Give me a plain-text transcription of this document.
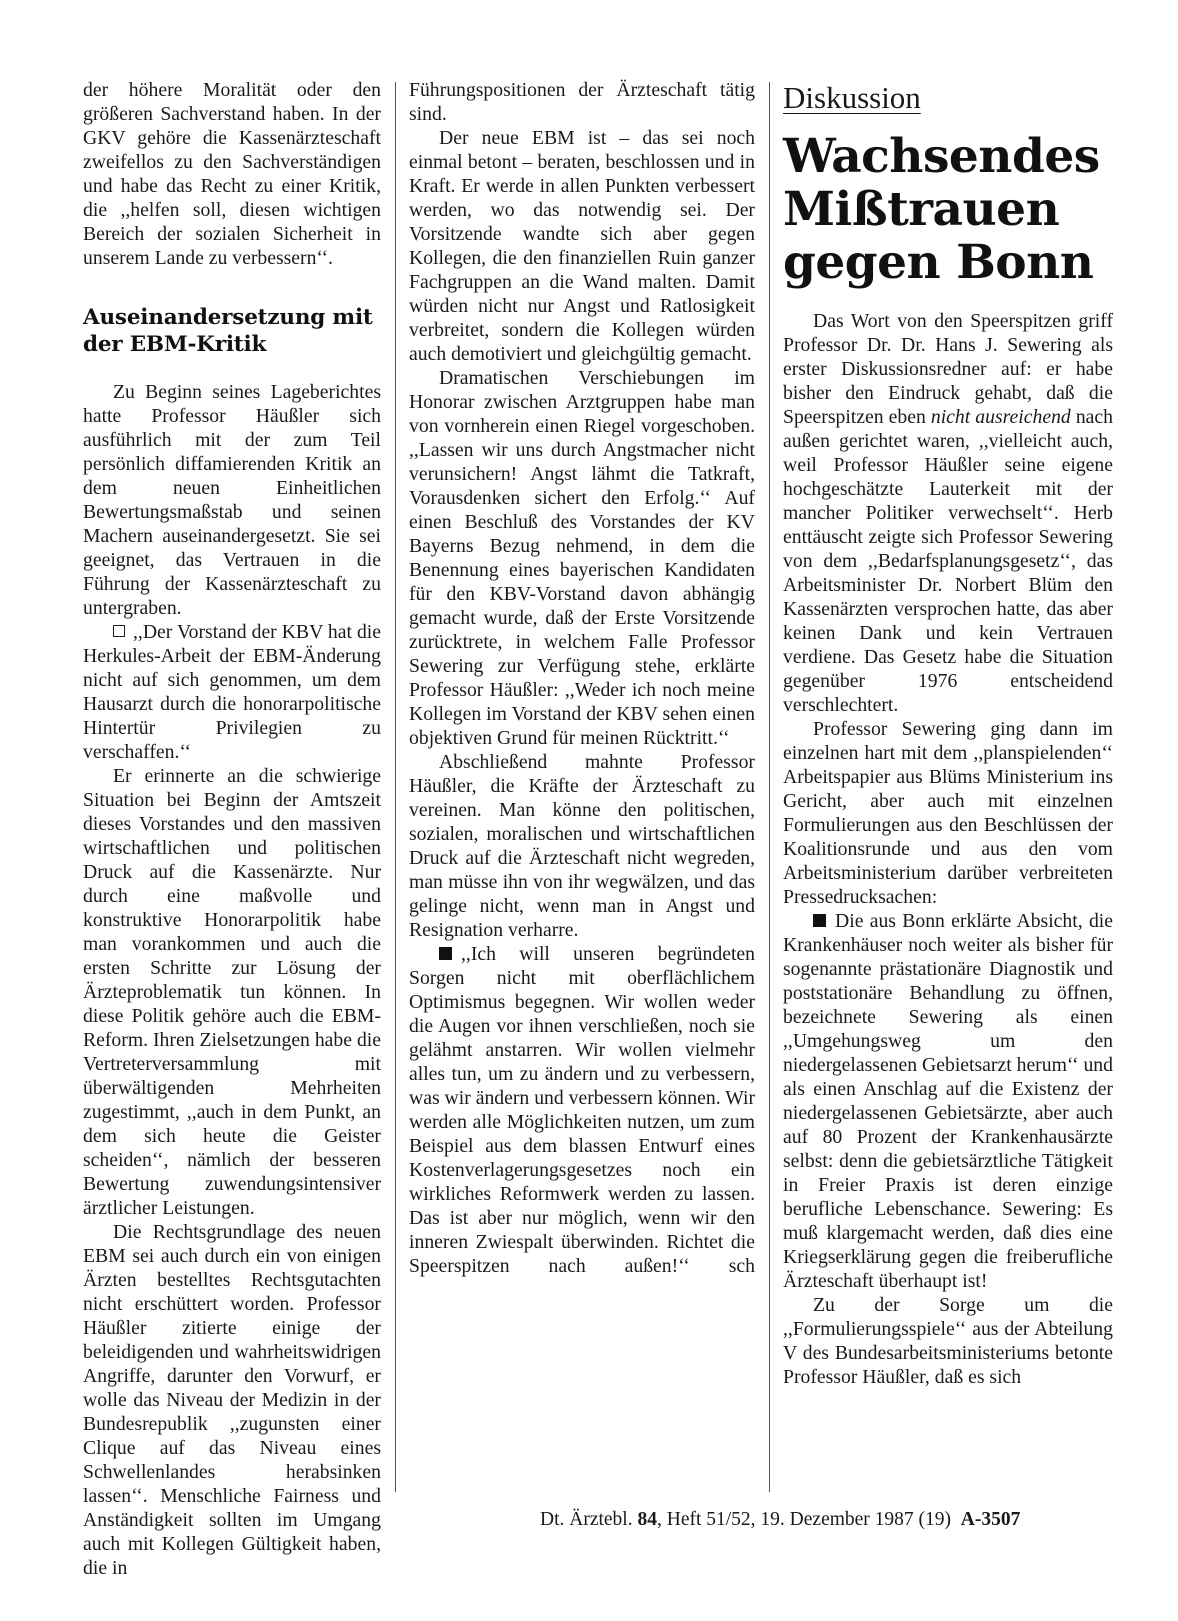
der höhere Moralität oder den größeren Sachverstand haben. In der GKV gehöre die Kassenärzteschaft zweifellos zu den Sachverständigen und habe das Recht zu einer Kritik, die ,,helfen soll, diesen wichtigen Bereich der sozialen Sicherheit in unserem Lande zu verbessern‘‘.

Auseinandersetzung mit der EBM-Kritik

Zu Beginn seines Lageberichtes hatte Professor Häußler sich ausführlich mit der zum Teil persönlich diffamierenden Kritik an dem neuen Einheitlichen Bewertungsmaßstab und seinen Machern auseinandergesetzt. Sie sei geeignet, das Vertrauen in die Führung der Kassenärzteschaft zu untergraben.

,,Der Vorstand der KBV hat die Herkules-Arbeit der EBM-Änderung nicht auf sich genommen, um dem Hausarzt durch die honorarpolitische Hintertür Privilegien zu verschaffen.‘‘

Er erinnerte an die schwierige Situation bei Beginn der Amtszeit dieses Vorstandes und den massiven wirtschaftlichen und politischen Druck auf die Kassenärzte. Nur durch eine maßvolle und konstruktive Honorarpolitik habe man vorankommen und auch die ersten Schritte zur Lösung der Ärzteproblematik tun können. In diese Politik gehöre auch die EBM-Reform. Ihren Zielsetzungen habe die Vertreterversammlung mit überwältigenden Mehrheiten zugestimmt, ,,auch in dem Punkt, an dem sich heute die Geister scheiden‘‘, nämlich der besseren Bewertung zuwendungsintensiver ärztlicher Leistungen.

Die Rechtsgrundlage des neuen EBM sei auch durch ein von einigen Ärzten bestelltes Rechtsgutachten nicht erschüttert worden. Professor Häußler zitierte einige der beleidigenden und wahrheitswidrigen Angriffe, darunter den Vorwurf, er wolle das Niveau der Medizin in der Bundesrepublik ,,zugunsten einer Clique auf das Niveau eines Schwellenlandes herabsinken lassen‘‘. Menschliche Fairness und Anständigkeit sollten im Umgang auch mit Kollegen Gültigkeit haben, die in

Führungspositionen der Ärzteschaft tätig sind.

Der neue EBM ist – das sei noch einmal betont – beraten, beschlossen und in Kraft. Er werde in allen Punkten verbessert werden, wo das notwendig sei. Der Vorsitzende wandte sich aber gegen Kollegen, die den finanziellen Ruin ganzer Fachgruppen an die Wand malten. Damit würden nicht nur Angst und Ratlosigkeit verbreitet, sondern die Kollegen würden auch demotiviert und gleichgültig gemacht.

Dramatischen Verschiebungen im Honorar zwischen Arztgruppen habe man von vornherein einen Riegel vorgeschoben. ,,Lassen wir uns durch Angstmacher nicht verunsichern! Angst lähmt die Tatkraft, Vorausdenken sichert den Erfolg.‘‘ Auf einen Beschluß des Vorstandes der KV Bayerns Bezug nehmend, in dem die Benennung eines bayerischen Kandidaten für den KBV-Vorstand davon abhängig gemacht wurde, daß der Erste Vorsitzende zurücktrete, in welchem Falle Professor Sewering zur Verfügung stehe, erklärte Professor Häußler: ,,Weder ich noch meine Kollegen im Vorstand der KBV sehen einen objektiven Grund für meinen Rücktritt.‘‘

Abschließend mahnte Professor Häußler, die Kräfte der Ärzteschaft zu vereinen. Man könne den politischen, sozialen, moralischen und wirtschaftlichen Druck auf die Ärzteschaft nicht wegreden, man müsse ihn von ihr wegwälzen, und das gelinge nicht, wenn man in Angst und Resignation verharre.

,,Ich will unseren begründeten Sorgen nicht mit oberflächlichem Optimismus begegnen. Wir wollen weder die Augen vor ihnen verschließen, noch sie gelähmt anstarren. Wir wollen vielmehr alles tun, um zu ändern und zu verbessern, was wir ändern und verbessern können. Wir werden alle Möglichkeiten nutzen, um zum Beispiel aus dem blassen Entwurf eines Kostenverlagerungsgesetzes noch ein wirkliches Reformwerk werden zu lassen. Das ist aber nur möglich, wenn wir den inneren Zwiespalt überwinden. Richtet die Speerspitzen nach außen!‘‘ sch

Diskussion
Wachsendes Mißtrauen gegen Bonn

Das Wort von den Speerspitzen griff Professor Dr. Dr. Hans J. Sewering als erster Diskussionsredner auf: er habe bisher den Eindruck gehabt, daß die Speerspitzen eben nicht ausreichend nach außen gerichtet waren, ,,vielleicht auch, weil Professor Häußler seine eigene hochgeschätzte Lauterkeit mit der mancher Politiker verwechselt‘‘. Herb enttäuscht zeigte sich Professor Sewering von dem ,,Bedarfsplanungsgesetz‘‘, das Arbeitsminister Dr. Norbert Blüm den Kassenärzten versprochen hatte, das aber keinen Dank und kein Vertrauen verdiene. Das Gesetz habe die Situation gegenüber 1976 entscheidend verschlechtert.

Professor Sewering ging dann im einzelnen hart mit dem ,,planspielenden‘‘ Arbeitspapier aus Blüms Ministerium ins Gericht, aber auch mit einzelnen Formulierungen aus den Beschlüssen der Koalitionsrunde und aus den vom Arbeitsministerium darüber verbreiteten Pressedrucksachen:

Die aus Bonn erklärte Absicht, die Krankenhäuser noch weiter als bisher für sogenannte prästationäre Diagnostik und poststationäre Behandlung zu öffnen, bezeichnete Sewering als einen ,,Umgehungsweg um den niedergelassenen Gebietsarzt herum‘‘ und als einen Anschlag auf die Existenz der niedergelassenen Gebietsärzte, aber auch auf 80 Prozent der Krankenhausärzte selbst: denn die gebietsärztliche Tätigkeit in Freier Praxis ist deren einzige berufliche Lebenschance. Sewering: Es muß klargemacht werden, daß dies eine Kriegserklärung gegen die freiberufliche Ärzteschaft überhaupt ist!

Zu der Sorge um die ,,Formulierungsspiele‘‘ aus der Abteilung V des Bundesarbeitsministeriums betonte Professor Häußler, daß es sich

Dt. Ärztebl. 84, Heft 51/52, 19. Dezember 1987 (19) A-3507
